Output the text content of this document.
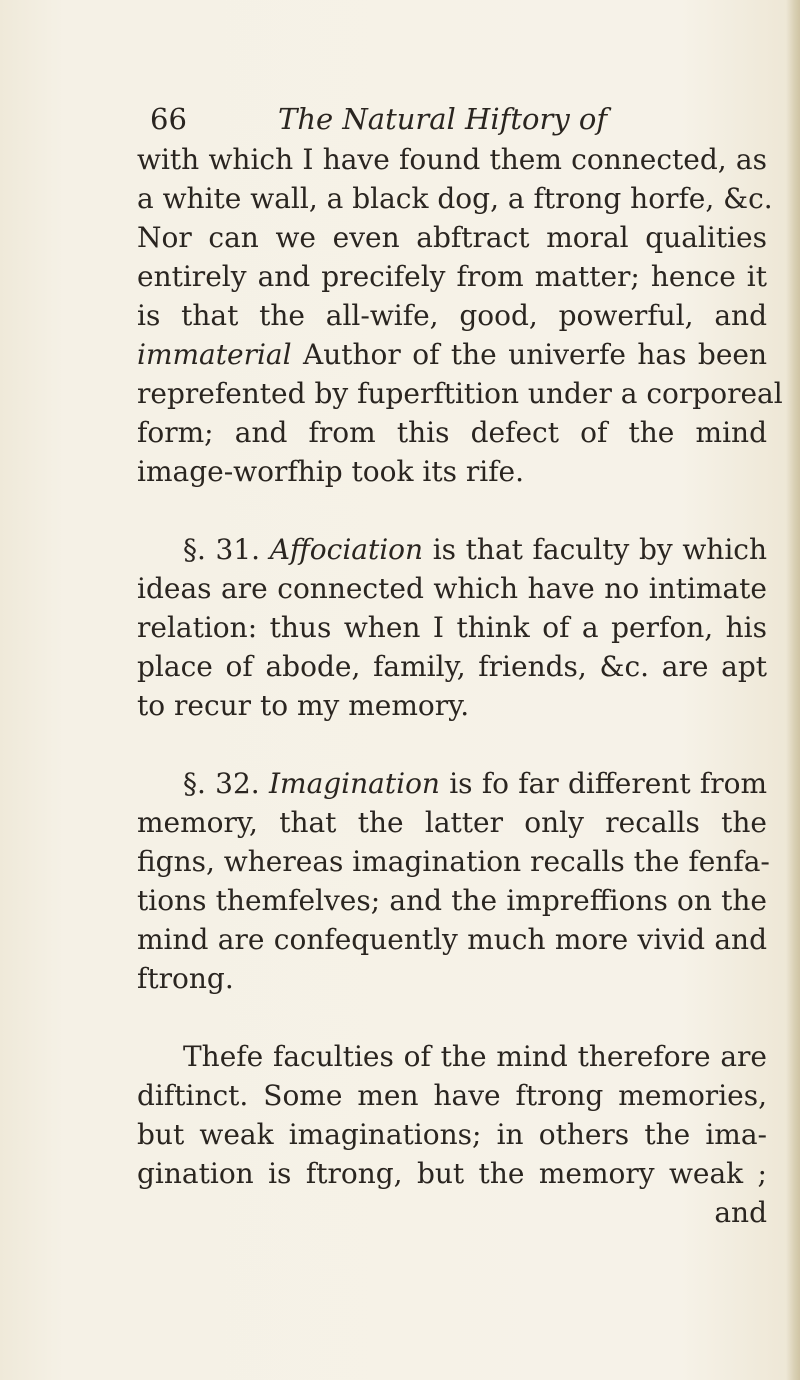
66	The Natural Hiftory of
with which I have found them connected, as
a white wall, a black dog, a ftrong horfe, &c.
Nor can we even abftract moral qualities
entirely and precifely from matter; hence it
is that the all-wife, good, powerful, and
immaterial Author of the univerfe has been
reprefented by fuperftition under a corporeal
form; and from this defect of the mind
image-worfhip took its rife.
§. 31. Affociation is that faculty by which
ideas are connected which have no intimate
relation: thus when I think of a perfon, his
place of abode, family, friends, &c. are apt
to recur to my memory.
§. 32. Imagination is fo far different from
memory, that the latter only recalls the
figns, whereas imagination recalls the fenfa-
tions themfelves; and the impreffions on the
mind are confequently much more vivid and
ftrong.
Thefe faculties of the mind therefore are
diftinct. Some men have ftrong memories,
but weak imaginations; in others the ima-
gination is ftrong, but the memory weak ;
and
